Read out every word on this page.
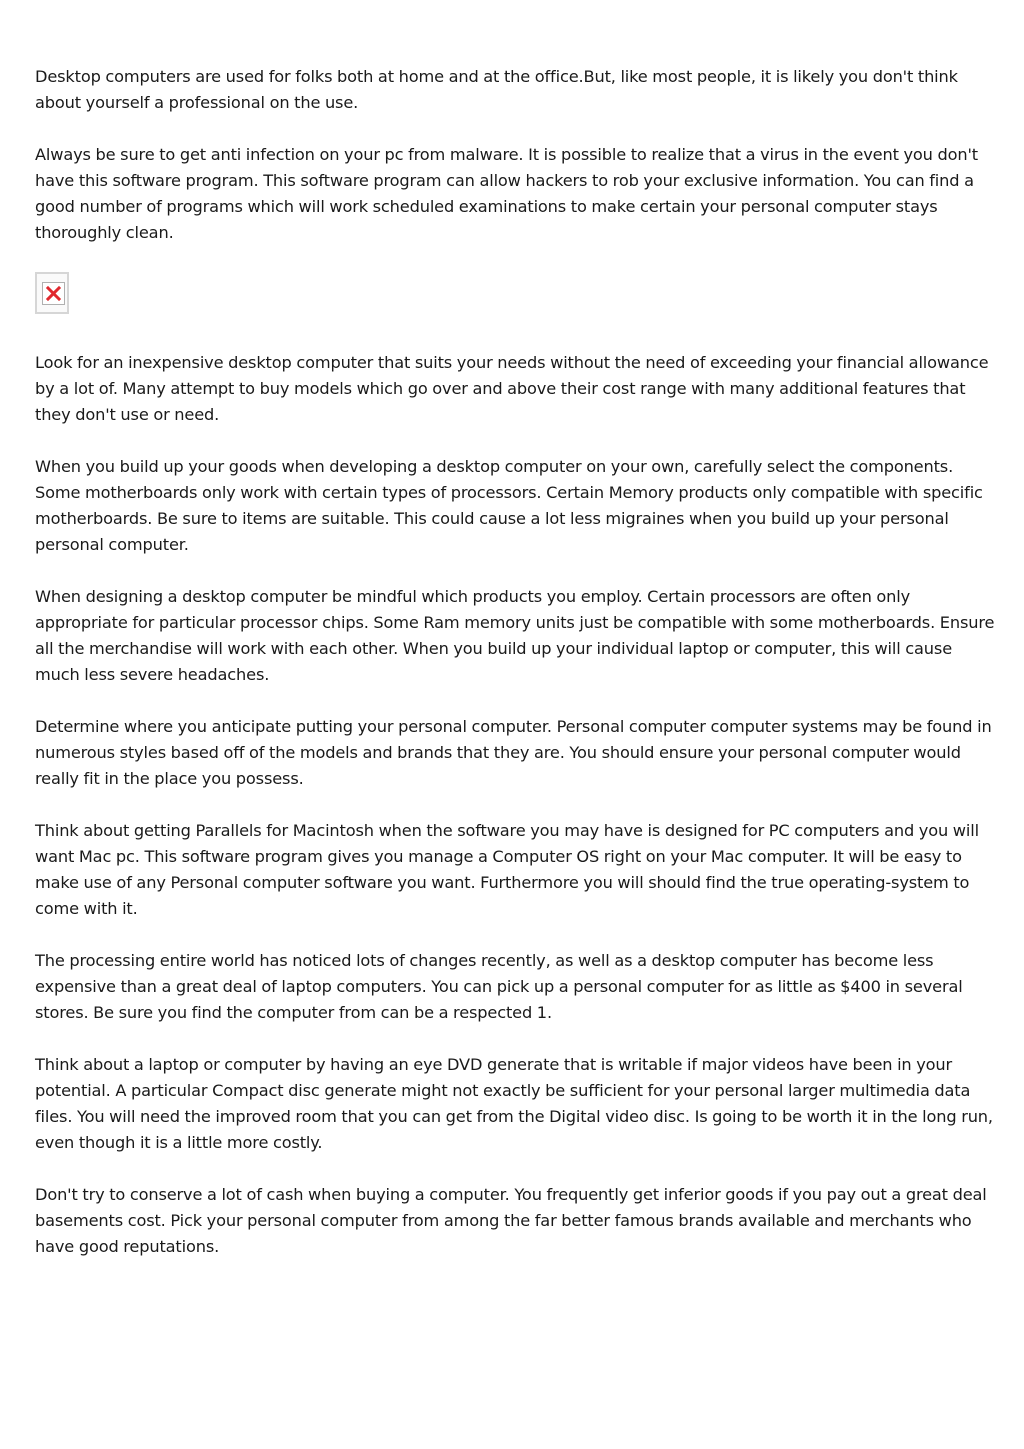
Desktop computers are used for folks both at home and at the office.But, like most people, it is likely you don't think about yourself a professional on the use.

Always be sure to get anti infection on your pc from malware. It is possible to realize that a virus in the event you don't have this software program. This software program can allow hackers to rob your exclusive information. You can find a good number of programs which will work scheduled examinations to make certain your personal computer stays thoroughly clean.

Look for an inexpensive desktop computer that suits your needs without the need of exceeding your financial allowance by a lot of. Many attempt to buy models which go over and above their cost range with many additional features that they don't use or need.

When you build up your goods when developing a desktop computer on your own, carefully select the components. Some motherboards only work with certain types of processors. Certain Memory products only compatible with specific motherboards. Be sure to items are suitable. This could cause a lot less migraines when you build up your personal personal computer.

When designing a desktop computer be mindful which products you employ. Certain processors are often only appropriate for particular processor chips. Some Ram memory units just be compatible with some motherboards. Ensure all the merchandise will work with each other. When you build up your individual laptop or computer, this will cause much less severe headaches.

Determine where you anticipate putting your personal computer. Personal computer computer systems may be found in numerous styles based off of the models and brands that they are. You should ensure your personal computer would really fit in the place you possess.

Think about getting Parallels for Macintosh when the software you may have is designed for PC computers and you will want Mac pc. This software program gives you manage a Computer OS right on your Mac computer. It will be easy to make use of any Personal computer software you want. Furthermore you will should find the true operating-system to come with it.

The processing entire world has noticed lots of changes recently, as well as a desktop computer has become less expensive than a great deal of laptop computers. You can pick up a personal computer for as little as $400 in several stores. Be sure you find the computer from can be a respected 1.

Think about a laptop or computer by having an eye DVD generate that is writable if major videos have been in your potential. A particular Compact disc generate might not exactly be sufficient for your personal larger multimedia data files. You will need the improved room that you can get from the Digital video disc. Is going to be worth it in the long run, even though it is a little more costly.

Don't try to conserve a lot of cash when buying a computer. You frequently get inferior goods if you pay out a great deal basements cost. Pick your personal computer from among the far better famous brands available and merchants who have good reputations.
